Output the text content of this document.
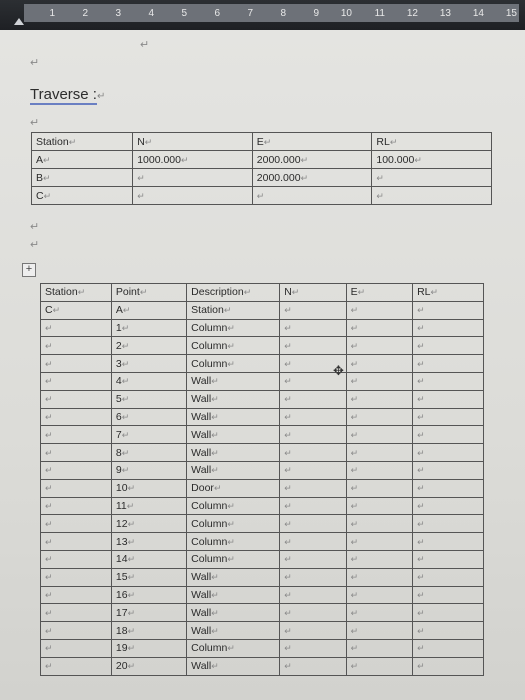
1	2	3	4	5	6	7	8	9	10	11	12	13	14	15
↵
↵
Traverse :↵
↵
Station↵	N↵	E↵	RL↵
A↵	1000.000↵	2000.000↵	100.000↵
B↵	↵	2000.000↵	↵
C↵	↵	↵	↵
↵
↵
+
Station↵	Point↵	Description↵	N↵	E↵	RL↵
C↵	A↵	Station↵	↵	↵	↵
↵	1↵	Column↵	↵	↵	↵
↵	2↵	Column↵	↵	↵	↵
↵	3↵	Column↵	↵	↵	↵
↵	4↵	Wall↵	↵	↵	↵
↵	5↵	Wall↵	↵	↵	↵
↵	6↵	Wall↵	↵	↵	↵
↵	7↵	Wall↵	↵	↵	↵
↵	8↵	Wall↵	↵	↵	↵
↵	9↵	Wall↵	↵	↵	↵
↵	10↵	Door↵	↵	↵	↵
↵	11↵	Column↵	↵	↵	↵
↵	12↵	Column↵	↵	↵	↵
↵	13↵	Column↵	↵	↵	↵
↵	14↵	Column↵	↵	↵	↵
↵	15↵	Wall↵	↵	↵	↵
↵	16↵	Wall↵	↵	↵	↵
↵	17↵	Wall↵	↵	↵	↵
↵	18↵	Wall↵	↵	↵	↵
↵	19↵	Column↵	↵	↵	↵
↵	20↵	Wall↵	↵	↵	↵
✥
